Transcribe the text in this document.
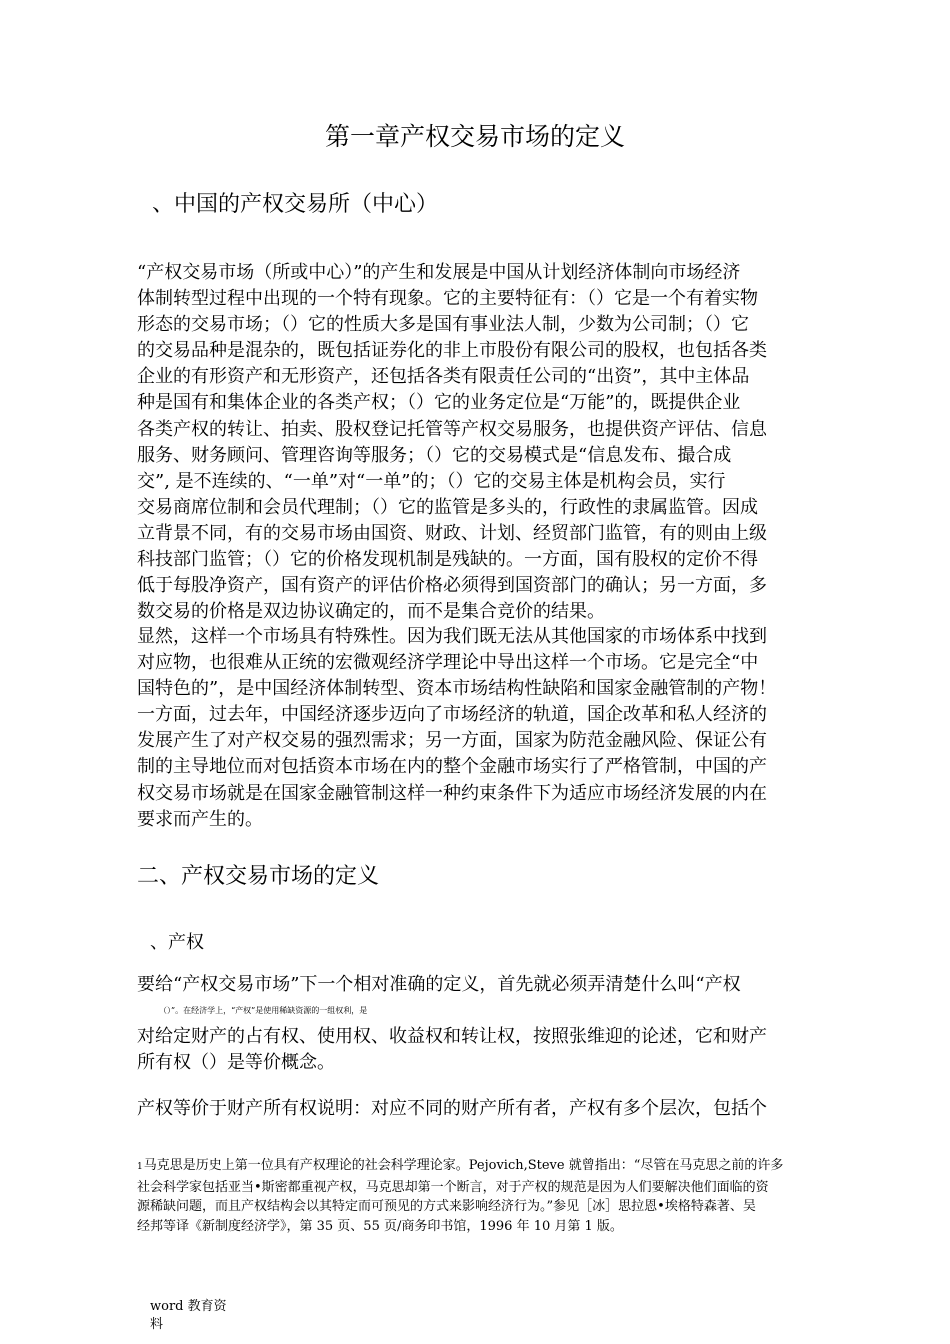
第一章产权交易市场的定义
、中国的产权交易所（中心）
“产权交易市场（所或中心）”的产生和发展是中国从计划经济体制向市场经济
体制转型过程中出现的一个特有现象。它的主要特征有：（）它是一个有着实物
形态的交易市场；（）它的性质大多是国有事业法人制，少数为公司制；（）它
的交易品种是混杂的，既包括证券化的非上市股份有限公司的股权，也包括各类
企业的有形资产和无形资产，还包括各类有限责任公司的“出资”，其中主体品
种是国有和集体企业的各类产权；（）它的业务定位是“万能”的，既提供企业
各类产权的转让、拍卖、股权登记托管等产权交易服务，也提供资产评估、信息
服务、财务顾问、管理咨询等服务；（）它的交易模式是“信息发布、撮合成
交”, 是不连续的、“一单”对“一单”的；（）它的交易主体是机构会员，实行
交易商席位制和会员代理制；（）它的监管是多头的，行政性的隶属监管。因成
立背景不同，有的交易市场由国资、财政、计划、经贸部门监管，有的则由上级
科技部门监管；（）它的价格发现机制是残缺的。一方面，国有股权的定价不得
低于每股净资产，国有资产的评估价格必须得到国资部门的确认；另一方面，多
数交易的价格是双边协议确定的，而不是集合竞价的结果。
显然，这样一个市场具有特殊性。因为我们既无法从其他国家的市场体系中找到
对应物，也很难从正统的宏微观经济学理论中导出这样一个市场。它是完全“中
国特色的”，是中国经济体制转型、资本市场结构性缺陷和国家金融管制的产物！
一方面，过去年，中国经济逐步迈向了市场经济的轨道，国企改革和私人经济的
发展产生了对产权交易的强烈需求；另一方面，国家为防范金融风险、保证公有
制的主导地位而对包括资本市场在内的整个金融市场实行了严格管制，中国的产
权交易市场就是在国家金融管制这样一种约束条件下为适应市场经济发展的内在
要求而产生的。
二、产权交易市场的定义
、产权
要给“产权交易市场”下一个相对准确的定义，首先就必须弄清楚什么叫“产权
（）”。在经济学上，“产权”是使用稀缺资源的一组权利，是
对给定财产的占有权、使用权、收益权和转让权，按照张维迎的论述，它和财产
所有权（）是等价概念。
产权等价于财产所有权说明：对应不同的财产所有者，产权有多个层次，包括个
1马克思是历史上第一位具有产权理论的社会科学理论家。Pejovich,Steve 就曾指出：“尽管在马克思之前的许多
社会科学家包括亚当•斯密都重视产权，马克思却第一个断言，对于产权的规范是因为人们要解决他们面临的资
源稀缺问题，而且产权结构会以其特定而可预见的方式来影响经济行为。”参见［冰］思拉恩•埃格特森著、吴
经邦等译《新制度经济学》，第 35 页、55 页/商务印书馆，1996 年 10 月第 1 版。
word 教育资
料
